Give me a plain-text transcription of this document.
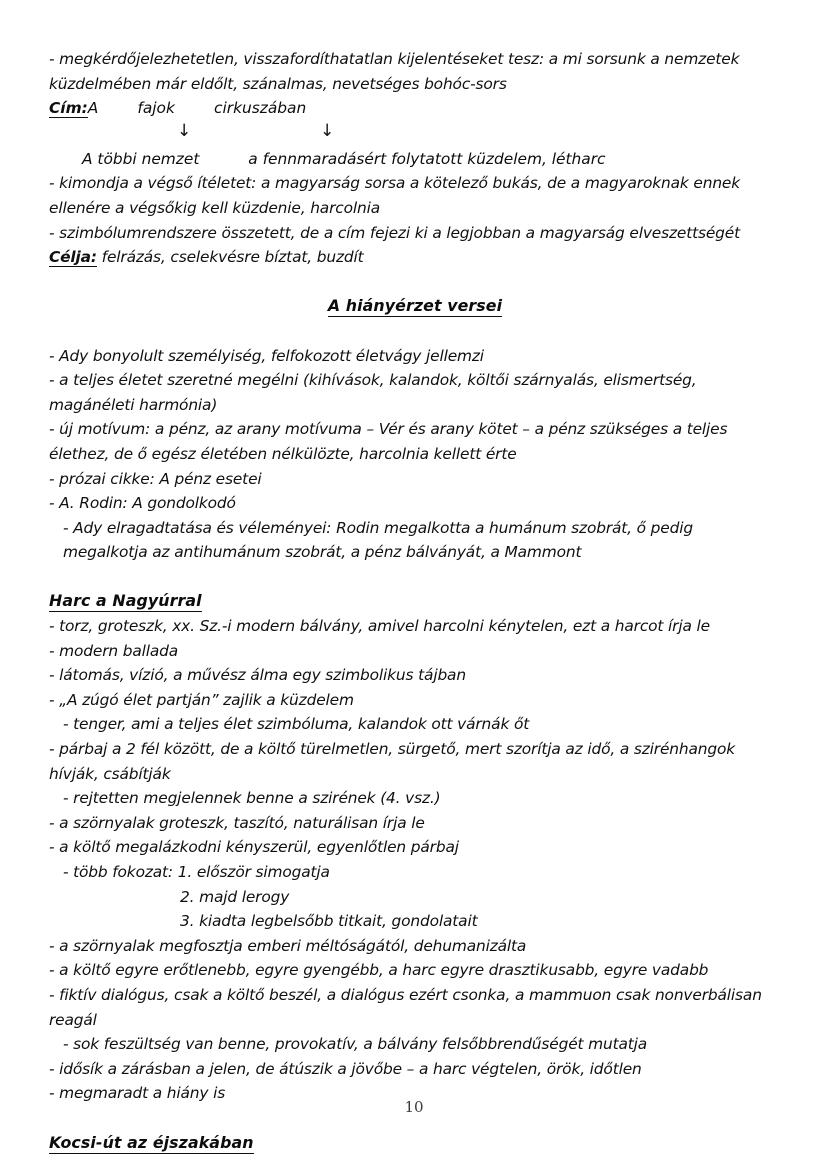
- megkérdőjelezhetetlen, visszafordíthatatlan kijelentéseket tesz: a mi sorsunk a nemzetek küzdelmében már eldőlt, szánalmas, nevetséges bohóc-sors
Cím:A        fajok        cirkuszában
↓	↓
A többi nemzet          a fennmaradásért folytatott küzdelem, létharc
- kimondja a végső ítéletet: a magyarság sorsa a kötelező bukás, de a magyaroknak ennek ellenére a végsőkig kell küzdenie, harcolnia
- szimbólumrendszere összetett, de a cím fejezi ki a legjobban a magyarság elveszettségét
Célja: felrázás, cselekvésre bíztat, buzdít
A hiányérzet versei
- Ady bonyolult személyiség, felfokozott életvágy jellemzi
- a teljes életet szeretné megélni (kihívások, kalandok, költői szárnyalás, elismertség, magánéleti harmónia)
- új motívum: a pénz, az arany motívuma – Vér és arany kötet – a pénz szükséges a teljes élethez, de ő egész életében nélkülözte, harcolnia kellett érte
- prózai cikke: A pénz esetei
- A. Rodin: A gondolkodó
- Ady elragadtatása és véleményei: Rodin megalkotta a humánum szobrát, ő pedig megalkotja az antihumánum szobrát, a pénz bálványát, a Mammont
Harc a Nagyúrral
- torz, groteszk, xx. Sz.-i modern bálvány, amivel harcolni kénytelen, ezt a harcot írja le
- modern ballada
- látomás, vízió, a művész álma egy szimbolikus tájban
- „A zúgó élet partján” zajlik a küzdelem
- tenger, ami a teljes élet szimbóluma, kalandok ott várnák őt
- párbaj a 2 fél között, de a költő türelmetlen, sürgető, mert szorítja az idő, a szirénhangok hívják, csábítják
- rejtetten megjelennek benne a szirének (4. vsz.)
- a szörnyalak groteszk, taszító, naturálisan írja le
- a költő megalázkodni kényszerül, egyenlőtlen párbaj
- több fokozat: 1. először simogatja
2. majd lerogy
3. kiadta legbelsőbb titkait, gondolatait
- a szörnyalak megfosztja emberi méltóságától, dehumanizálta
- a költő egyre erőtlenebb, egyre gyengébb, a harc egyre drasztikusabb, egyre vadabb
- fiktív dialógus, csak a költő beszél, a dialógus ezért csonka, a mammuon csak nonverbálisan reagál
- sok feszültség van benne, provokatív, a bálvány felsőbbrendűségét mutatja
- idősík a zárásban a jelen, de átúszik a jövőbe – a harc végtelen, örök, időtlen
- megmaradt a hiány is
Kocsi-út az éjszakában
10
